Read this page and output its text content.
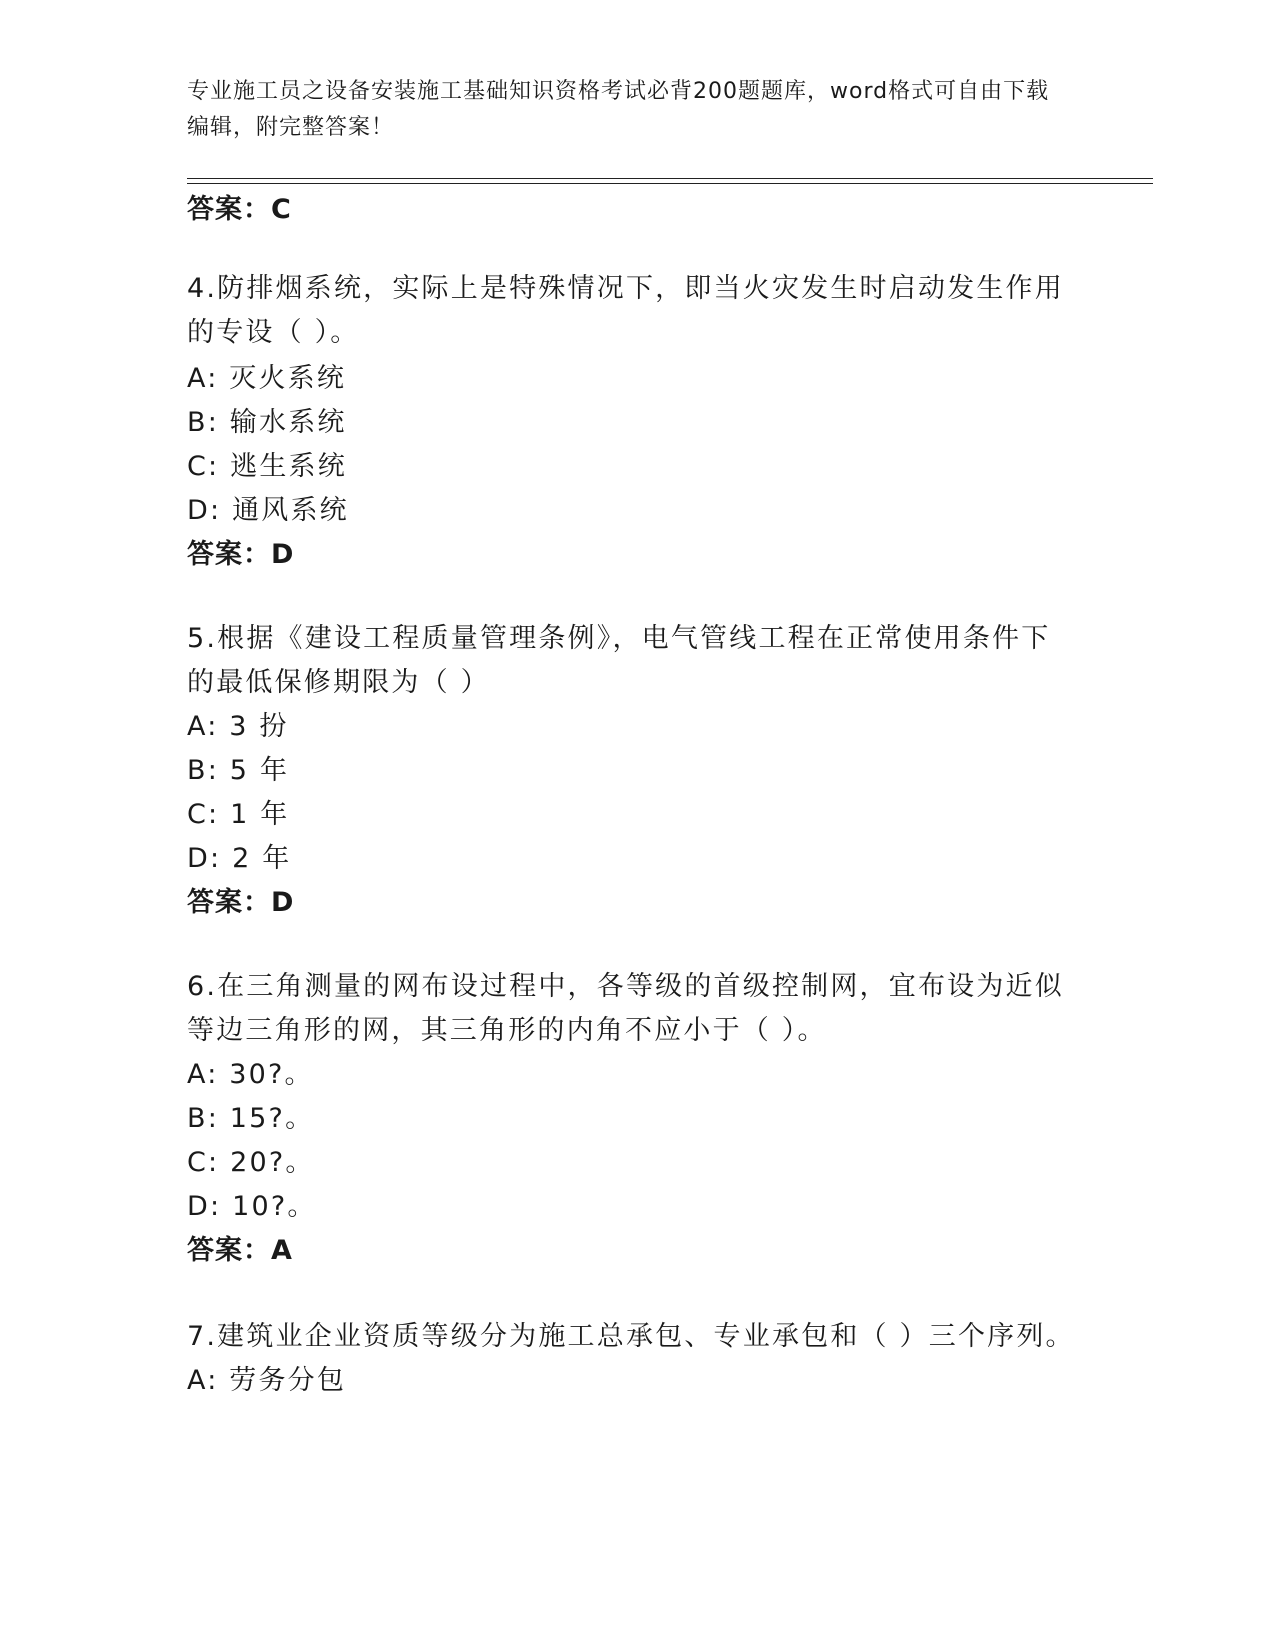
专业施工员之设备安装施工基础知识资格考试必背200题题库，word格式可自由下载编辑，附完整答案！
答案：C
4.防排烟系统，实际上是特殊情况下，即当火灾发生时启动发生作用
的专设（ ）。
A: 灭火系统
B: 输水系统
C: 逃生系统
D: 通风系统
答案：D
5.根据《建设工程质量管理条例》，电气管线工程在正常使用条件下
的最低保修期限为（ ）
A: 3 扮
B: 5 年
C: 1 年
D: 2 年
答案：D
6.在三角测量的网布设过程中，各等级的首级控制网，宜布设为近似
等边三角形的网，其三角形的内角不应小于（ ）。
A: 30?。
B: 15?。
C: 20?。
D: 10?。
答案：A
7.建筑业企业资质等级分为施工总承包、专业承包和（ ）三个序列。
A: 劳务分包
